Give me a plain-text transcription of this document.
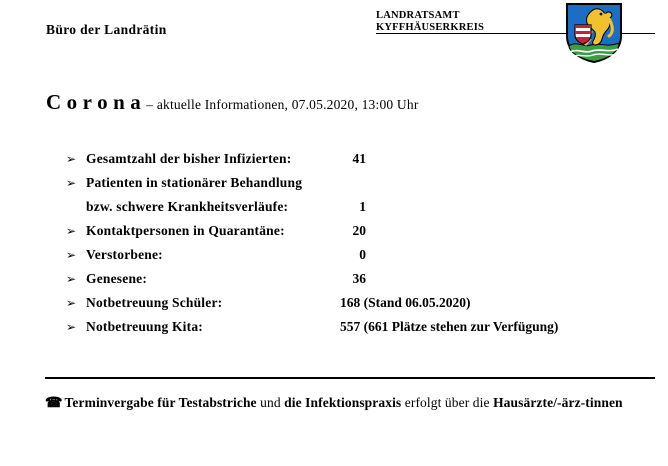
Büro der Landrätin
LANDRATSAMT
KYFFHÄUSERKREIS
Corona– aktuelle Informationen, 07.05.2020, 13:00 Uhr
➢ Gesamtzahl der bisher Infizierten:	41
➢ Patienten in stationärer Behandlung
bzw. schwere Krankheitsverläufe:	1
➢ Kontaktpersonen in Quarantäne:	20
➢ Verstorbene:	0
➢ Genesene:	36
➢ Notbetreuung Schüler:	168 (Stand 06.05.2020)
➢ Notbetreuung Kita:	557 (661 Plätze stehen zur Verfügung)
☎ Terminvergabe für Testabstriche und die Infektionspraxis erfolgt über die Hausärzte/-ärz-tinnen
